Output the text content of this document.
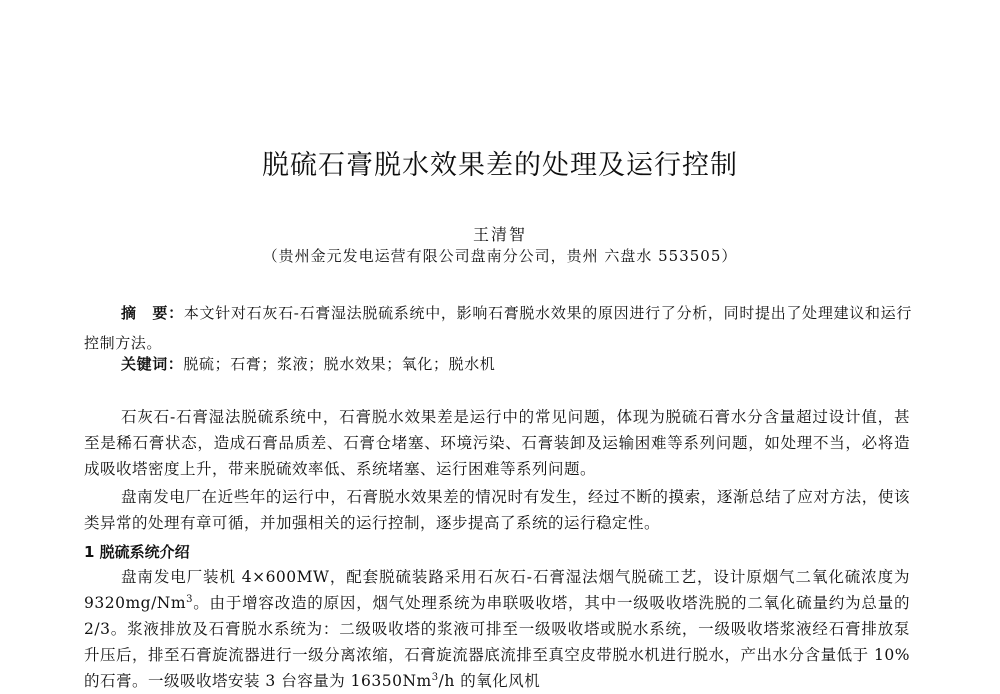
脱硫石膏脱水效果差的处理及运行控制
王清智
（贵州金元发电运营有限公司盘南分公司，贵州 六盘水 553505）
摘　要：本文针对石灰石-石膏湿法脱硫系统中，影响石膏脱水效果的原因进行了分析，同时提出了处理建议和运行控制方法。
关键词：脱硫；石膏；浆液；脱水效果；氧化；脱水机
石灰石-石膏湿法脱硫系统中，石膏脱水效果差是运行中的常见问题，体现为脱硫石膏水分含量超过设计值，甚至是稀石膏状态，造成石膏品质差、石膏仓堵塞、环境污染、石膏装卸及运输困难等系列问题，如处理不当，必将造成吸收塔密度上升，带来脱硫效率低、系统堵塞、运行困难等系列问题。
盘南发电厂在近些年的运行中，石膏脱水效果差的情况时有发生，经过不断的摸索，逐渐总结了应对方法，使该类异常的处理有章可循，并加强相关的运行控制，逐步提高了系统的运行稳定性。
1 脱硫系统介绍
盘南发电厂装机 4×600MW，配套脱硫装路采用石灰石-石膏湿法烟气脱硫工艺，设计原烟气二氧化硫浓度为 9320mg/Nm$^3$。由于增容改造的原因，烟气处理系统为串联吸收塔，其中一级吸收塔洗脱的二氧化硫量约为总量的 2/3。浆液排放及石膏脱水系统为：二级吸收塔的浆液可排至一级吸收塔或脱水系统，一级吸收塔浆液经石膏排放泵升压后，排至石膏旋流器进行一级分离浓缩，石膏旋流器底流排至真空皮带脱水机进行脱水，产出水分含量低于 10%的石膏。一级吸收塔安装 3 台容量为 16350Nm$^3$/h 的氧化风机
